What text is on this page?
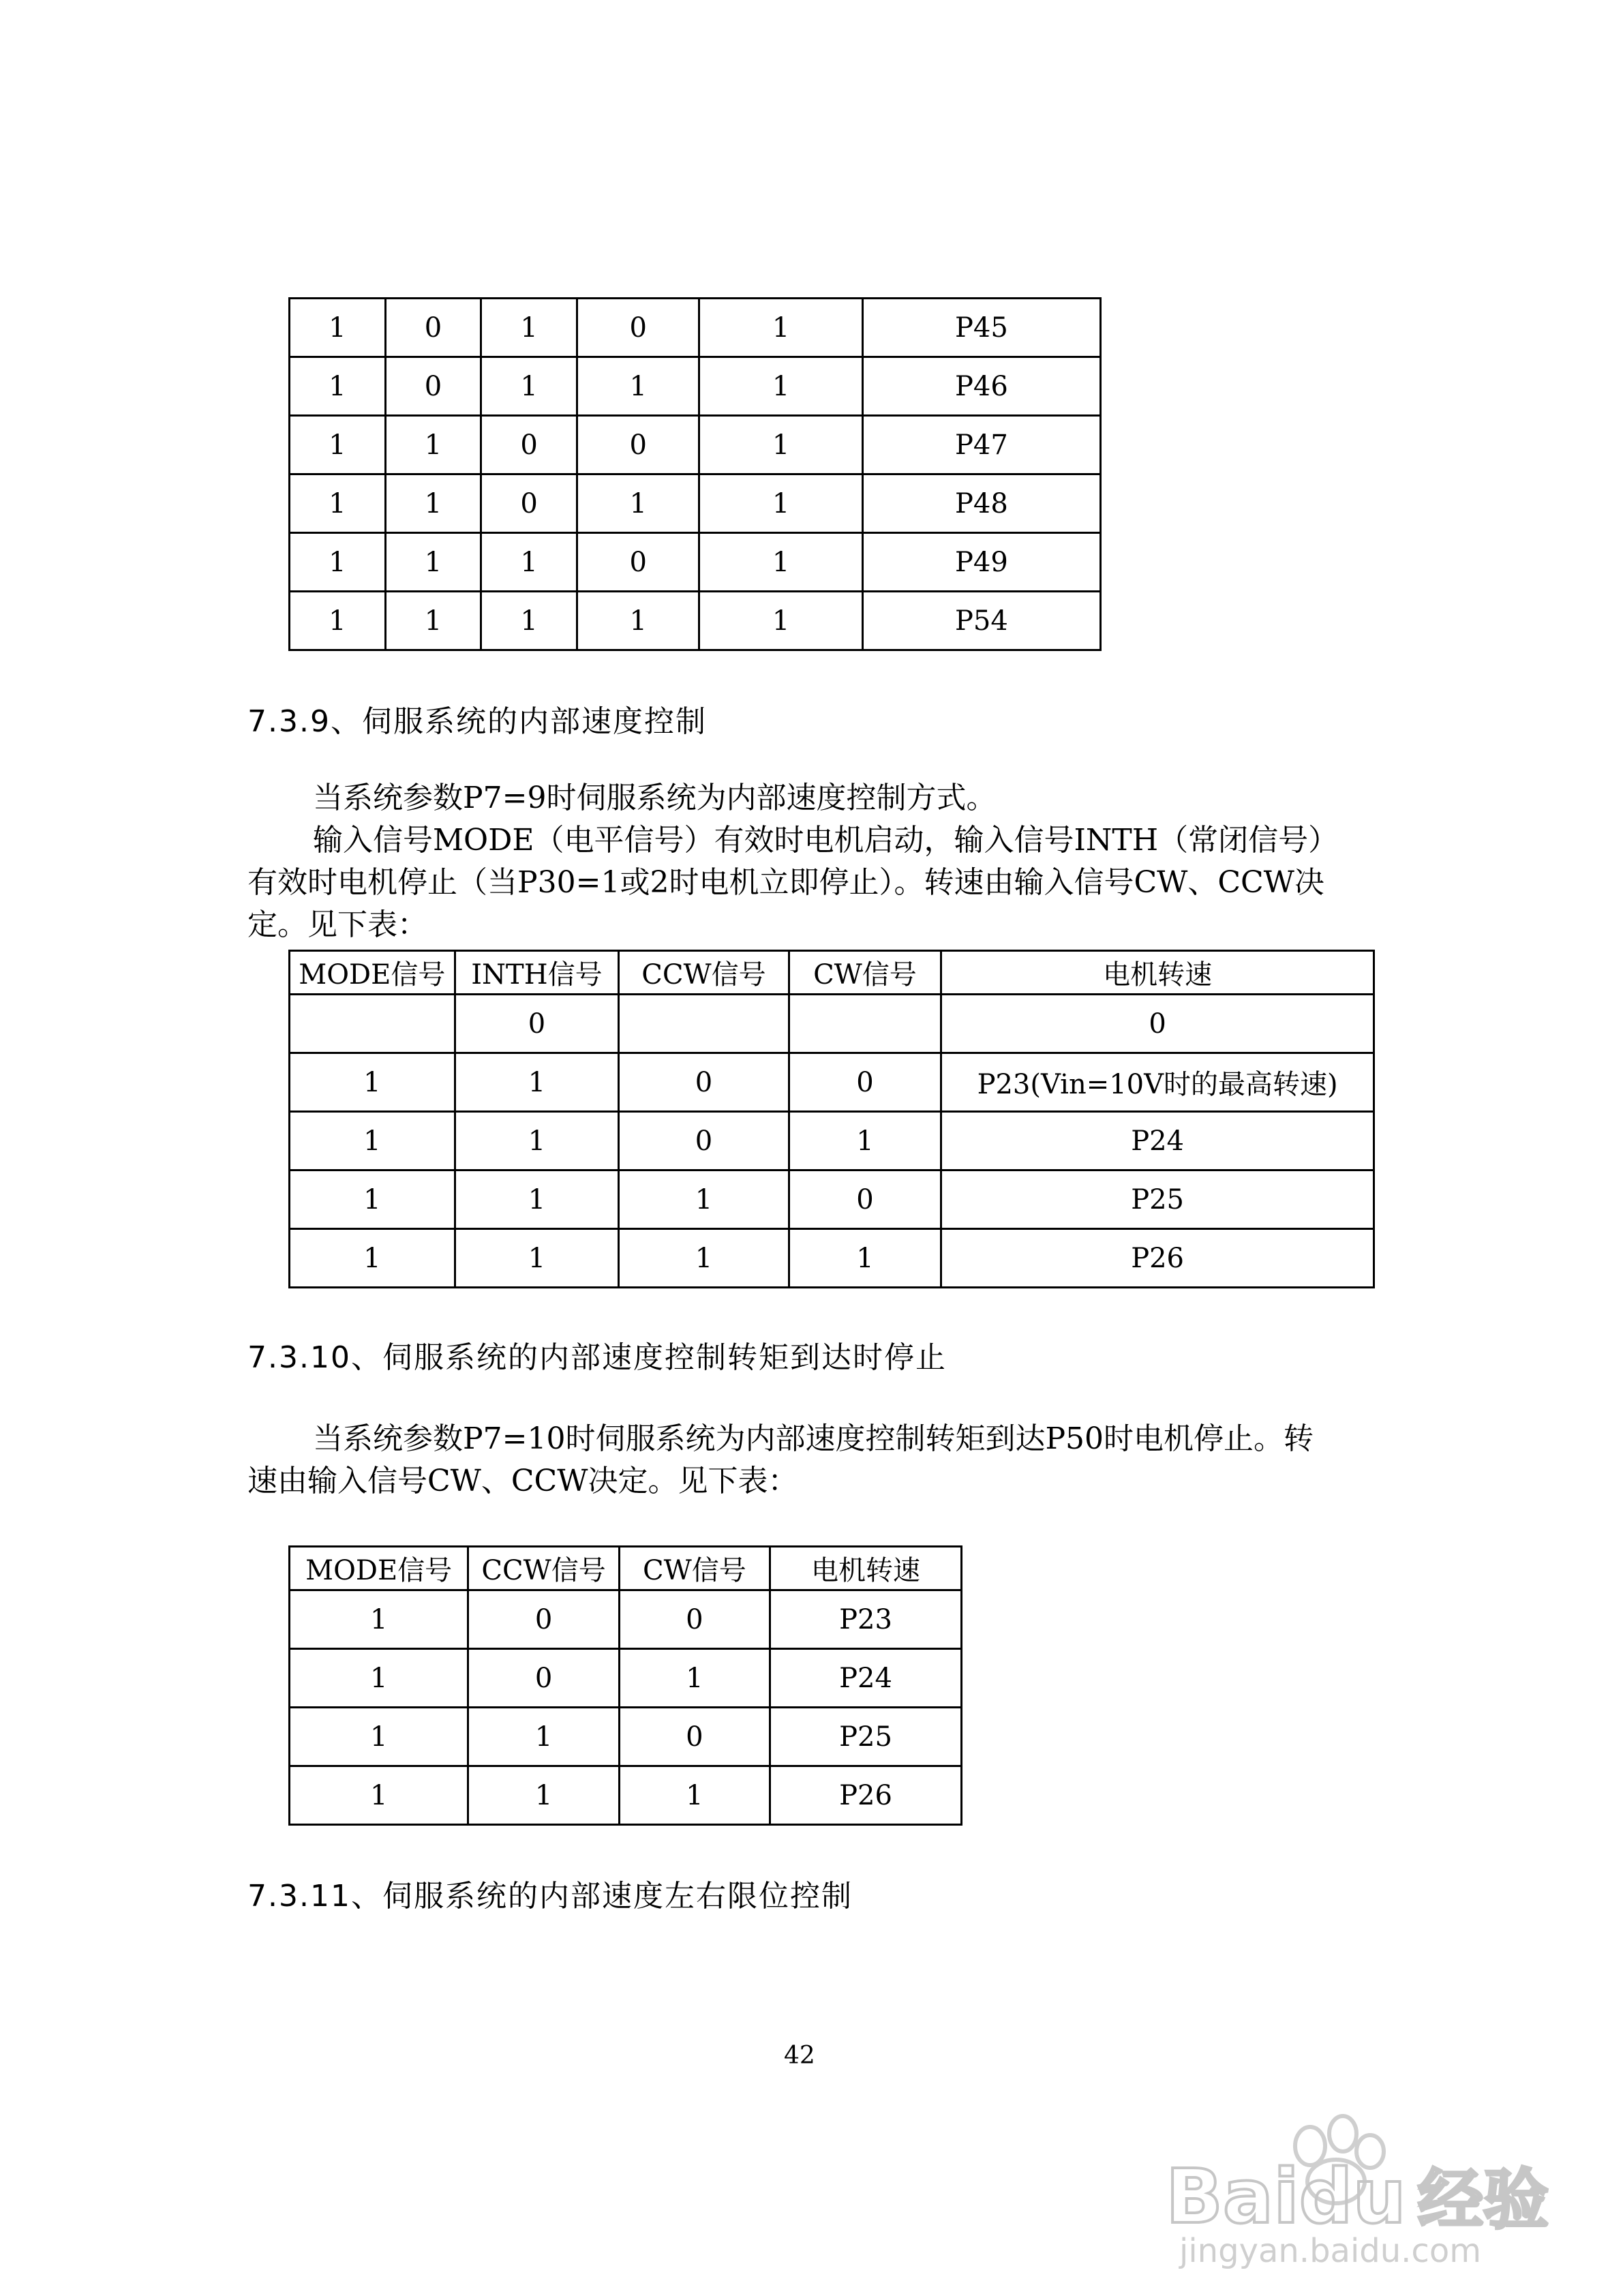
1	0	1	0	1	P45
1	0	1	1	1	P46
1	1	0	0	1	P47
1	1	0	1	1	P48
1	1	1	0	1	P49
1	1	1	1	1	P54
7.3.9、伺服系统的内部速度控制

当系统参数P7=9时伺服系统为内部速度控制方式。

输入信号MODE（电平信号）有效时电机启动，输入信号INTH（常闭信号）

有效时电机停止（当P30=1或2时电机立即停止）。转速由输入信号CW、CCW决

定。见下表：

MODE信号	INTH信号	CCW信号	CW信号	电机转速
	0			0
1	1	0	0	P23(Vin=10V时的最高转速)
1	1	0	1	P24
1	1	1	0	P25
1	1	1	1	P26
7.3.10、伺服系统的内部速度控制转矩到达时停止

当系统参数P7=10时伺服系统为内部速度控制转矩到达P50时电机停止。转

速由输入信号CW、CCW决定。见下表：

MODE信号	CCW信号	CW信号	电机转速
1	0	0	P23
1	0	1	P24
1	1	0	P25
1	1	1	P26
7.3.11、伺服系统的内部速度左右限位控制
42
Baidu 经验
jingyan.baidu.com
